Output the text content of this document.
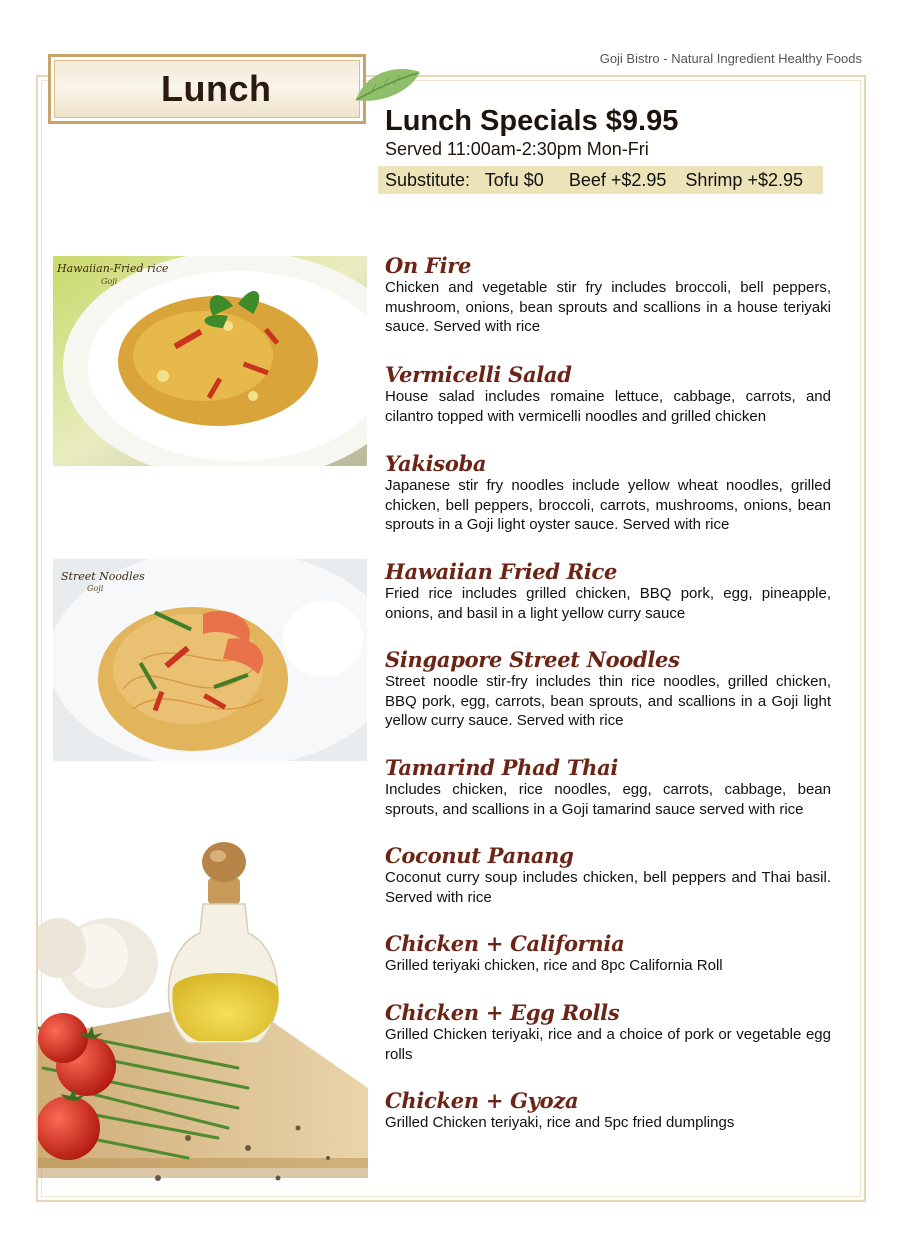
Goji Bistro - Natural Ingredient Healthy Foods
Lunch
Lunch Specials $9.95
Served 11:00am-2:30pm Mon-Fri
Substitute: Tofu $0 Beef +$2.95 Shrimp +$2.95
Hawaiian-Fried rice
Goji
Street Noodles
Goji
On Fire
Chicken and vegetable stir fry includes broccoli, bell peppers, mushroom, onions, bean sprouts and scallions in a house teriyaki sauce. Served with rice
Vermicelli Salad
House salad includes romaine lettuce, cabbage, carrots, and cilantro topped with vermicelli noodles and grilled chicken
Yakisoba
Japanese stir fry noodles include yellow wheat noodles, grilled chicken, bell peppers, broccoli, carrots, mushrooms, onions, bean sprouts in a Goji light oyster sauce. Served with rice
Hawaiian Fried Rice
Fried rice includes grilled chicken, BBQ pork, egg, pineapple, onions, and basil in a light yellow curry sauce
Singapore Street Noodles
Street noodle stir-fry includes thin rice noodles, grilled chicken, BBQ pork, egg, carrots, bean sprouts, and scallions in a Goji light yellow curry sauce. Served with rice
Tamarind Phad Thai
Includes chicken, rice noodles, egg, carrots, cabbage, bean sprouts, and scallions in a Goji tamarind sauce served with rice
Coconut Panang
Coconut curry soup includes chicken, bell peppers and Thai basil. Served with rice
Chicken + California
Grilled teriyaki chicken, rice and 8pc California Roll
Chicken + Egg Rolls
Grilled Chicken teriyaki, rice and a choice of pork or vegetable egg rolls
Chicken + Gyoza
Grilled Chicken teriyaki, rice and 5pc fried dumplings
